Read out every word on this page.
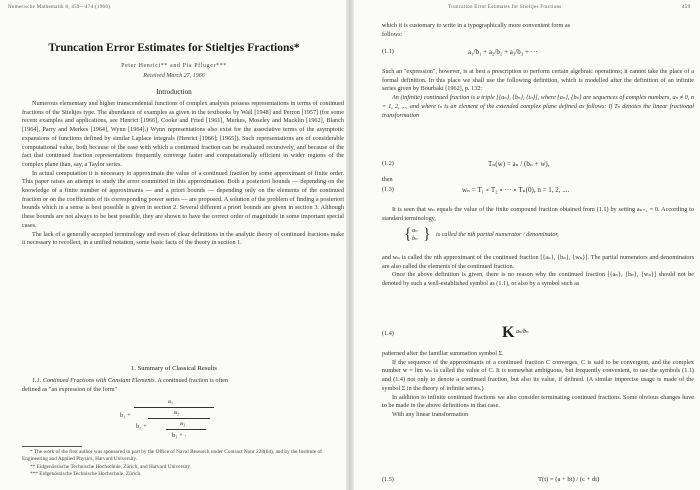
Numerische Mathematik 8, 459—474 (1966)
Truncation Error Estimates for Stieltjes Fractions*
Peter Henrici** and Pia Pfluger***
Received March 27, 1966
Introduction

Numerous elementary and higher transcendental functions of complex analysis possess representations in terms of continued fractions of the Stieltjes type. The abundance of examples as given in the textbooks by Wall [1948] and Perron [1957] (for some recent examples and applications, see Henrici [1966], Cooke and Fried [1961], Merkes, Moseley and Macklin [1962], Blanch [1964], Parry and Merkes [1964], Wynn [1964].) Wynn representations also exist for the associative terms of the asymptotic expansions of functions defined by similar Laplace integrals (Henrici [1966]; [1965]). Such representations are of considerable computational value, both because of the ease with which a continued fraction can be evaluated recursively, and because of the fact that continued fraction representations frequently converge faster and computationally efficient in wider regions of the complex plane than, say, a Taylor series.

In actual computation it is necessary to approximate the value of a continued fraction by some approximant of finite order. This paper raises an attempt to study the error committed in this approximation. Both a posteriori bounds — depending on the knowledge of a finite number of approximants — and a priori bounds — depending only on the elements of the continued fraction or on the coefficients of its corresponding power series — are proposed. A solution of the problem of finding a posteriori bounds which in a sense is best possible is given in section 2. Several different a priori bounds are given in section 3. Although these bounds are not always to be best possible, they are shown to have the correct order of magnitude in some important special cases.

The lack of a generally accepted terminology and even of clear definitions in the analytic theory of continued fractions make it necessary to recollect, in a unified notation, some basic facts of the theory in section 1.

1. Summary of Classical Results
1.1. Continued Fractions with Constant Elements. A continued fraction is often
defined as "an expression of the form"
a₁
b₁ +	a₂
b₂ +	a₃
b₃ + ·
* The work of the first author was sponsored in part by the Office of Naval Research under Contract Nonr 228(64), and by the Institute of Engineering and Applied Physics, Harvard University.
** Eidgenössische Technische Hochschule, Zürich, and Harvard University.
*** Eidgenössische Technische Hochschule, Zürich.
Truncation Error Estimates for Stieltjes Fractions	459
which it is customary to write in a typographically more convenient form as
follows:
(1.1)	a₁/b₁ + a₂/b₂ + a₃/b₃ + ···

Such an "expression", however, is at best a prescription to perform certain algebraic operations; it cannot take the place of a formal definition. In this place we shall use the following definition, which is modelled after the definition of an infinite series given by Bourbaki [1962], p. 132:

An (infinite) continued fraction is a triple [{aₙ}, {bₙ}, {tₙ}], where {aₙ}, {bₙ} are sequences of complex numbers, aₙ ≠ 0, n = 1, 2, ..., and where tₙ is an element of the extended complex plane defined as follows: If Tₙ denotes the linear fractional transformation

(1.2)	Tₙ(w) = aₙ / (bₙ + w),
then
(1.3)	wₙ = T₁ ∘ T₂ ∘ ··· ∘ Tₙ(0), n = 1, 2, ....

It is seen that wₙ equals the value of the finite compound fraction obtained from (1.1) by setting aₙ₊₁ = 0. According to standard terminology,

{ aₙ
bₙ } is called the nth partial numerator / denominator,

and wₙ is called the nth approximant of the continued fraction [{aₙ}, {bₙ}, {wₙ}]. The partial numerators and denominators are also called the elements of the continued fraction.

Once the above definition is given, there is no reason why the continued fraction [{aₙ}, {bₙ}, {wₙ}] should not be denoted by such a well-established symbol as (1.1), or also by a symbol such as

(1.4)	K aₙ/bₙ

patterned after the familiar summation symbol Σ.

If the sequence of the approximants of a continued fraction C converges, C is said to be convergent, and the complex number w = lim wₙ is called the value of C. It is somewhat ambiguous, but frequently convenient, to use the symbols (1.1) and (1.4) not only to denote a continued fraction, but also its value, if defined. (A similar imprecise usage is made of the symbol Σ in the theory of infinite series.)

In addition to infinite continued fractions we also consider terminating continued fractions. Some obvious changes have to be made in the above definitions in that case.

With any linear transformation

(1.5)	T(t) = (a + bt) / (c + dt)
